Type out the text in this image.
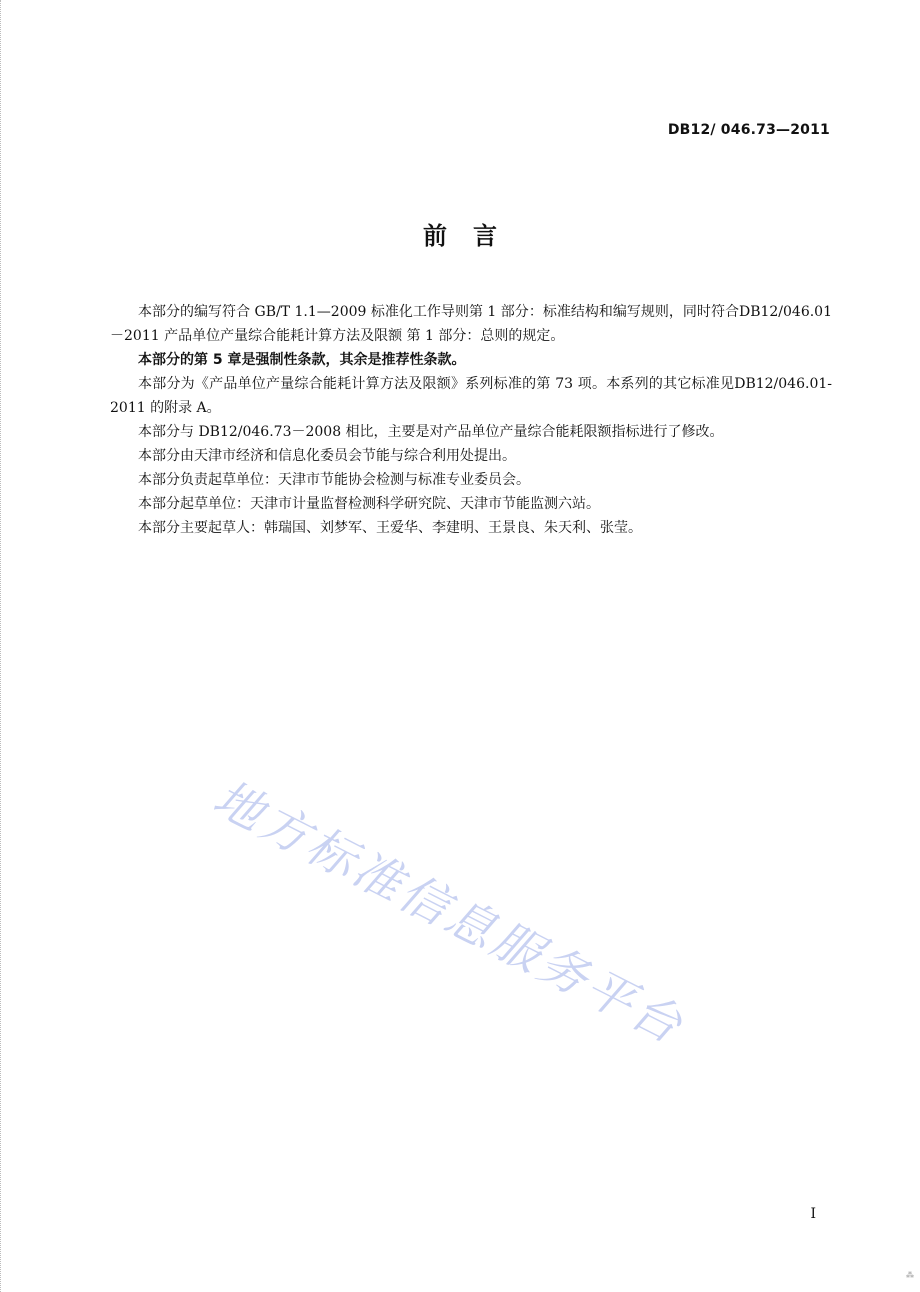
DB12/ 046.73—2011
前言

本部分的编写符合 GB/T 1.1—2009 标准化工作导则第 1 部分：标准结构和编写规则，同时符合DB12/046.01－2011 产品单位产量综合能耗计算方法及限额 第 1 部分：总则的规定。

本部分的第 5 章是强制性条款，其余是推荐性条款。

本部分为《产品单位产量综合能耗计算方法及限额》系列标准的第 73 项。本系列的其它标准见DB12/046.01-2011 的附录 A。

本部分与 DB12/046.73－2008 相比，主要是对产品单位产量综合能耗限额指标进行了修改。

本部分由天津市经济和信息化委员会节能与综合利用处提出。

本部分负责起草单位：天津市节能协会检测与标准专业委员会。

本部分起草单位：天津市计量监督检测科学研究院、天津市节能监测六站。

本部分主要起草人：韩瑞国、刘梦军、王爱华、李建明、王景良、朱天利、张莹。

地方标准信息服务平台
I
⁂
